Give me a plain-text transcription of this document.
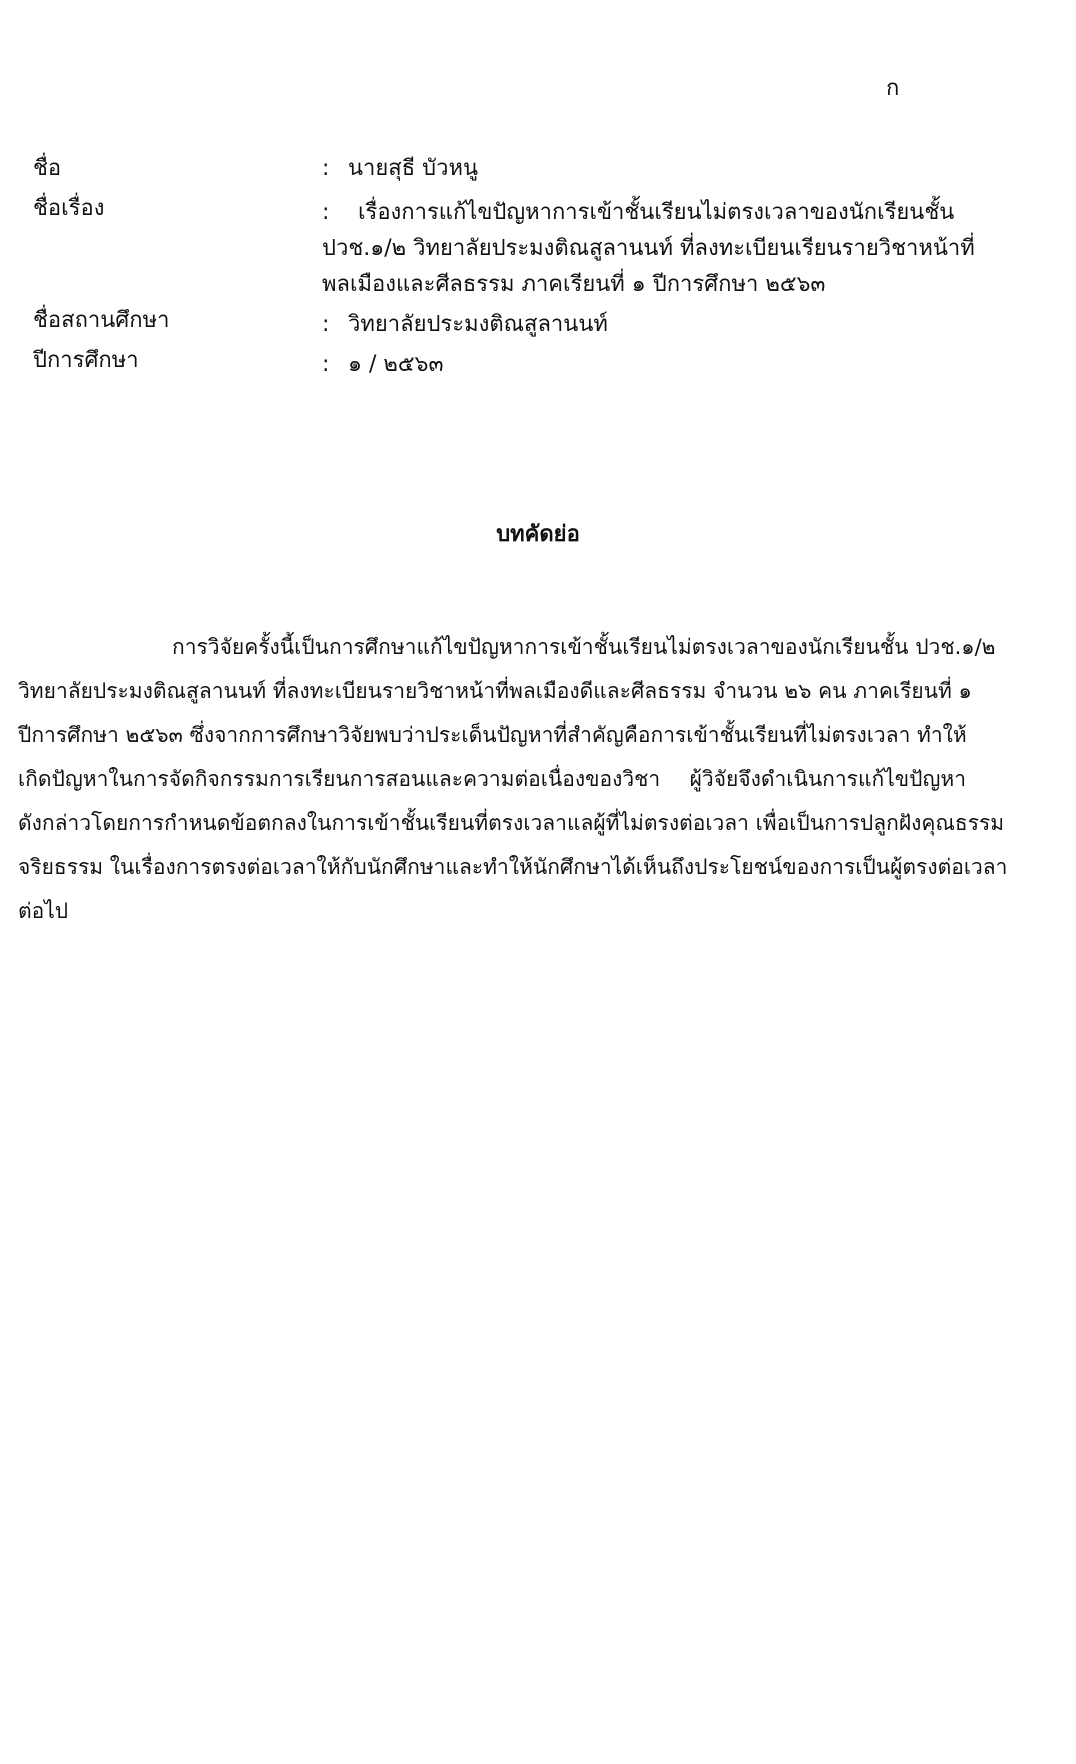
ก
ชื่อ	: นายสุธี บัวหนู
ชื่อเรื่อง	: เรื่องการแก้ไขปัญหาการเข้าชั้นเรียนไม่ตรงเวลาของนักเรียนชั้น
ปวช.๑/๒ วิทยาลัยประมงติณสูลานนท์ ที่ลงทะเบียนเรียนรายวิชาหน้าที่
พลเมืองและศีลธรรม ภาคเรียนที่ ๑ ปีการศึกษา ๒๕๖๓
ชื่อสถานศึกษา	: วิทยาลัยประมงติณสูลานนท์
ปีการศึกษา	: ๑ / ๒๕๖๓
บทคัดย่อ
การวิจัยครั้งนี้เป็นการศึกษาแก้ไขปัญหาการเข้าชั้นเรียนไม่ตรงเวลาของนักเรียนชั้น ปวช.๑/๒
วิทยาลัยประมงติณสูลานนท์ ที่ลงทะเบียนรายวิชาหน้าที่พลเมืองดีและศีลธรรม จำนวน ๒๖ คน ภาคเรียนที่ ๑
ปีการศึกษา ๒๕๖๓ ซึ่งจากการศึกษาวิจัยพบว่าประเด็นปัญหาที่สำคัญคือการเข้าชั้นเรียนที่ไม่ตรงเวลา ทำให้
เกิดปัญหาในการจัดกิจกรรมการเรียนการสอนและความต่อเนื่องของวิชา ผู้วิจัยจึงดำเนินการแก้ไขปัญหา
ดังกล่าวโดยการกำหนดข้อตกลงในการเข้าชั้นเรียนที่ตรงเวลาแลผู้ที่ไม่ตรงต่อเวลา เพื่อเป็นการปลูกฝังคุณธรรม
จริยธรรม ในเรื่องการตรงต่อเวลาให้กับนักศึกษาและทำให้นักศึกษาได้เห็นถึงประโยชน์ของการเป็นผู้ตรงต่อเวลา
ต่อไป
